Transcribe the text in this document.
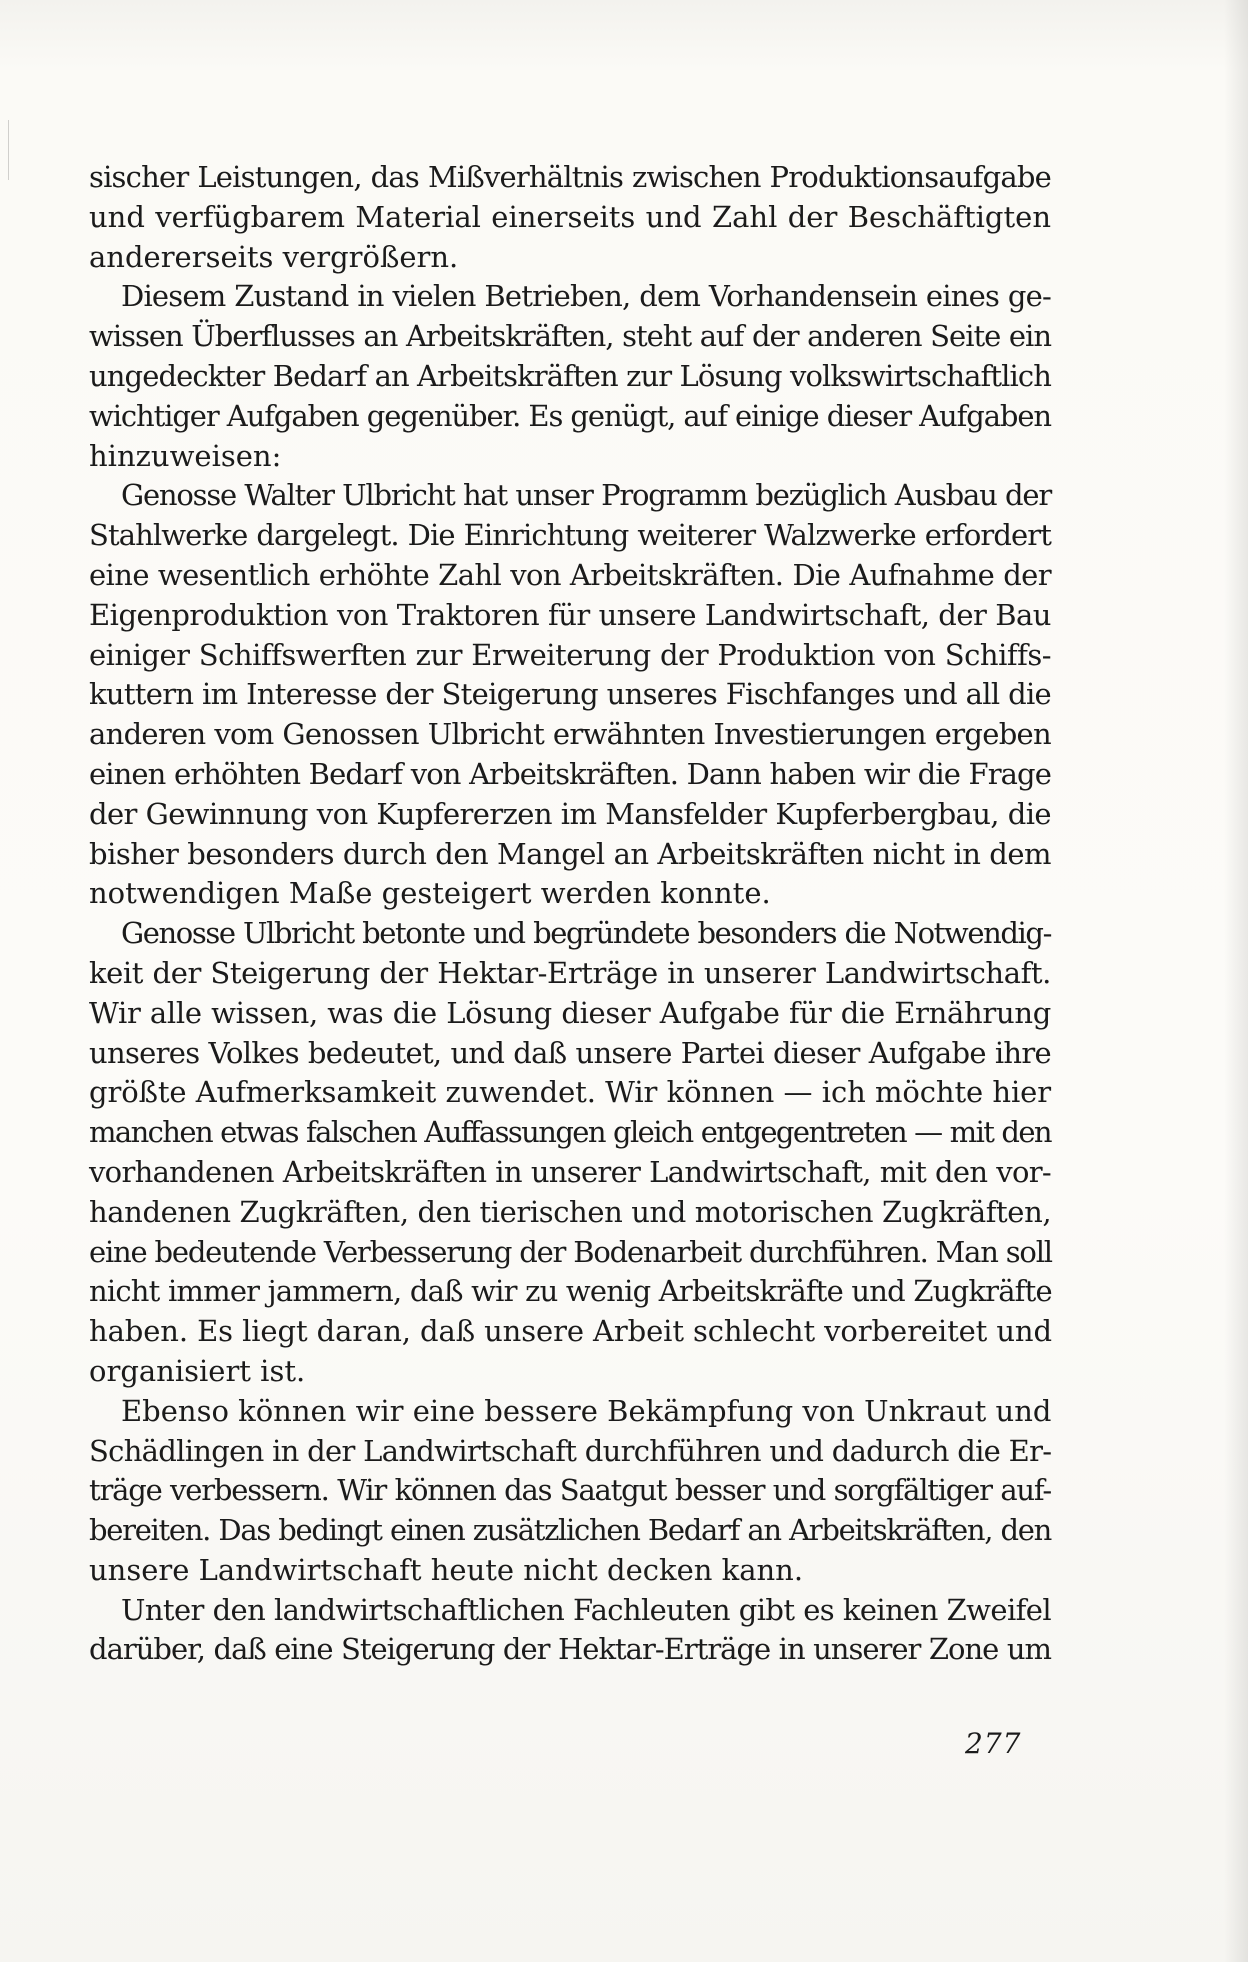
sischer Leistungen, das Mißverhältnis zwischen Produktionsaufgabe
und verfügbarem Material einerseits und Zahl der Beschäftigten
andererseits vergrößern.
Diesem Zustand in vielen Betrieben, dem Vorhandensein eines ge-
wissen Überflusses an Arbeitskräften, steht auf der anderen Seite ein
ungedeckter Bedarf an Arbeitskräften zur Lösung volkswirtschaftlich
wichtiger Aufgaben gegenüber. Es genügt, auf einige dieser Aufgaben
hinzuweisen:
Genosse Walter Ulbricht hat unser Programm bezüglich Ausbau der
Stahlwerke dargelegt. Die Einrichtung weiterer Walzwerke erfordert
eine wesentlich erhöhte Zahl von Arbeitskräften. Die Aufnahme der
Eigenproduktion von Traktoren für unsere Landwirtschaft, der Bau
einiger Schiffswerften zur Erweiterung der Produktion von Schiffs-
kuttern im Interesse der Steigerung unseres Fischfanges und all die
anderen vom Genossen Ulbricht erwähnten Investierungen ergeben
einen erhöhten Bedarf von Arbeitskräften. Dann haben wir die Frage
der Gewinnung von Kupfererzen im Mansfelder Kupferbergbau, die
bisher besonders durch den Mangel an Arbeitskräften nicht in dem
notwendigen Maße gesteigert werden konnte.
Genosse Ulbricht betonte und begründete besonders die Notwendig-
keit der Steigerung der Hektar-Erträge in unserer Landwirtschaft.
Wir alle wissen, was die Lösung dieser Aufgabe für die Ernährung
unseres Volkes bedeutet, und daß unsere Partei dieser Aufgabe ihre
größte Aufmerksamkeit zuwendet. Wir können — ich möchte hier
manchen etwas falschen Auffassungen gleich entgegentreten — mit den
vorhandenen Arbeitskräften in unserer Landwirtschaft, mit den vor-
handenen Zugkräften, den tierischen und motorischen Zugkräften,
eine bedeutende Verbesserung der Bodenarbeit durchführen. Man soll
nicht immer jammern, daß wir zu wenig Arbeitskräfte und Zugkräfte
haben. Es liegt daran, daß unsere Arbeit schlecht vorbereitet und
organisiert ist.
Ebenso können wir eine bessere Bekämpfung von Unkraut und
Schädlingen in der Landwirtschaft durchführen und dadurch die Er-
träge verbessern. Wir können das Saatgut besser und sorgfältiger auf-
bereiten. Das bedingt einen zusätzlichen Bedarf an Arbeitskräften, den
unsere Landwirtschaft heute nicht decken kann.
Unter den landwirtschaftlichen Fachleuten gibt es keinen Zweifel
darüber, daß eine Steigerung der Hektar-Erträge in unserer Zone um
277
